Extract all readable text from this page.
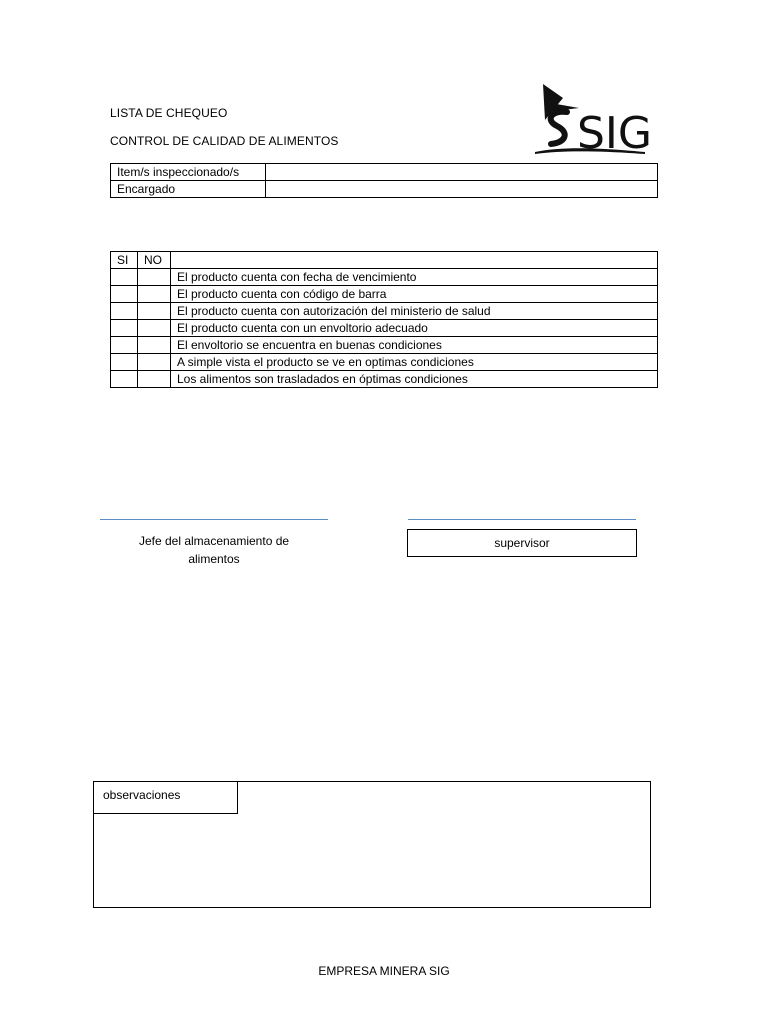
LISTA DE CHEQUEO
CONTROL DE CALIDAD DE ALIMENTOS	SIG
Item/s inspeccionado/s	
Encargado	
SI	NO	
		El producto cuenta con fecha de vencimiento
		El producto cuenta con código de barra
		El producto cuenta con autorización del ministerio de salud
		El producto cuenta con un envoltorio adecuado
		El envoltorio se encuentra en buenas condiciones
		A simple vista el producto se ve en optimas condiciones
		Los alimentos son trasladados en óptimas condiciones
Jefe del almacenamiento de alimentos
supervisor
observaciones
EMPRESA MINERA SIG
